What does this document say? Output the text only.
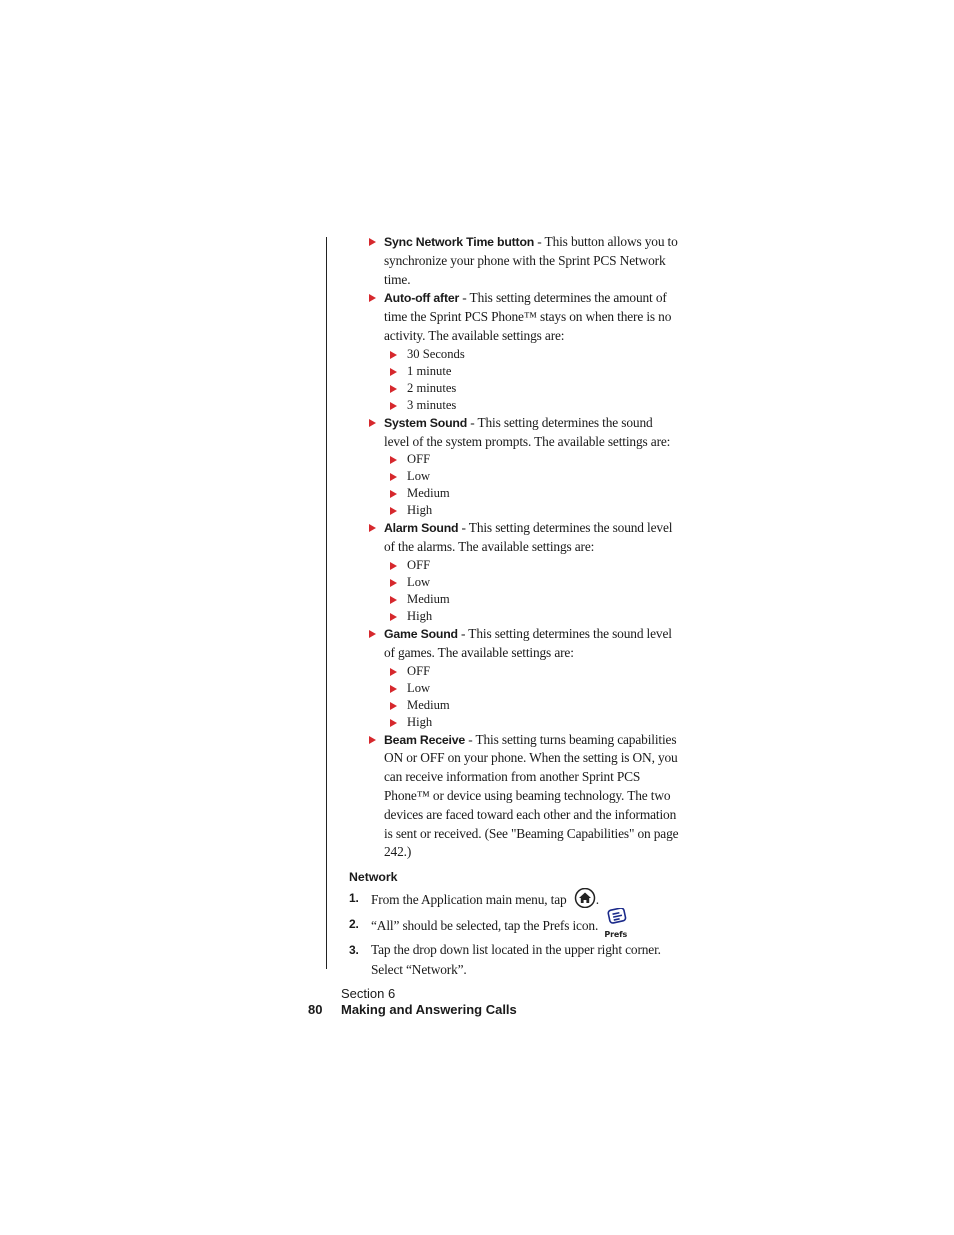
Sync Network Time button - This button allows you to synchronize your phone with the Sprint PCS Network time.
Auto-off after - This setting determines the amount of time the Sprint PCS Phone™ stays on when there is no activity. The available settings are:
30 Seconds
1 minute
2 minutes
3 minutes
System Sound - This setting determines the sound level of the system prompts. The available settings are:
OFF
Low
Medium
High
Alarm Sound - This setting determines the sound level of the alarms. The available settings are:
OFF
Low
Medium
High
Game Sound - This setting determines the sound level of games. The available settings are:
OFF
Low
Medium
High
Beam Receive - This setting turns beaming capabilities ON or OFF on your phone. When the setting is ON, you can receive information from another Sprint PCS Phone™ or device using beaming technology. The two devices are faced toward each other and the information is sent or received. (See "Beaming Capabilities" on page 242.)
Network
1. From the Application main menu, tap .
2. “All” should be selected, tap the Prefs icon.
Prefs
3. Tap the drop down list located in the upper right corner. Select “Network”.
Section 6
80 Making and Answering Calls
